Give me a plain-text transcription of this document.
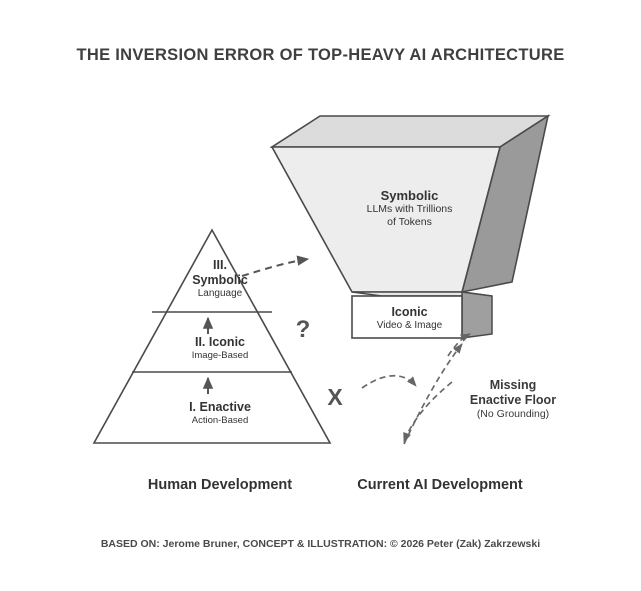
THE INVERSION ERROR OF TOP-HEAVY AI ARCHITECTURE
III.
Symbolic
Language
II. Iconic
Image-Based
I. Enactive
Action-Based
Symbolic
LLMs with Trillions
of Tokens
Iconic
Video & Image
Missing
Enactive Floor
(No Grounding)
?
X
Human Development	Current AI Development
BASED ON: Jerome Bruner, CONCEPT & ILLUSTRATION: © 2026 Peter (Zak) Zakrzewski
